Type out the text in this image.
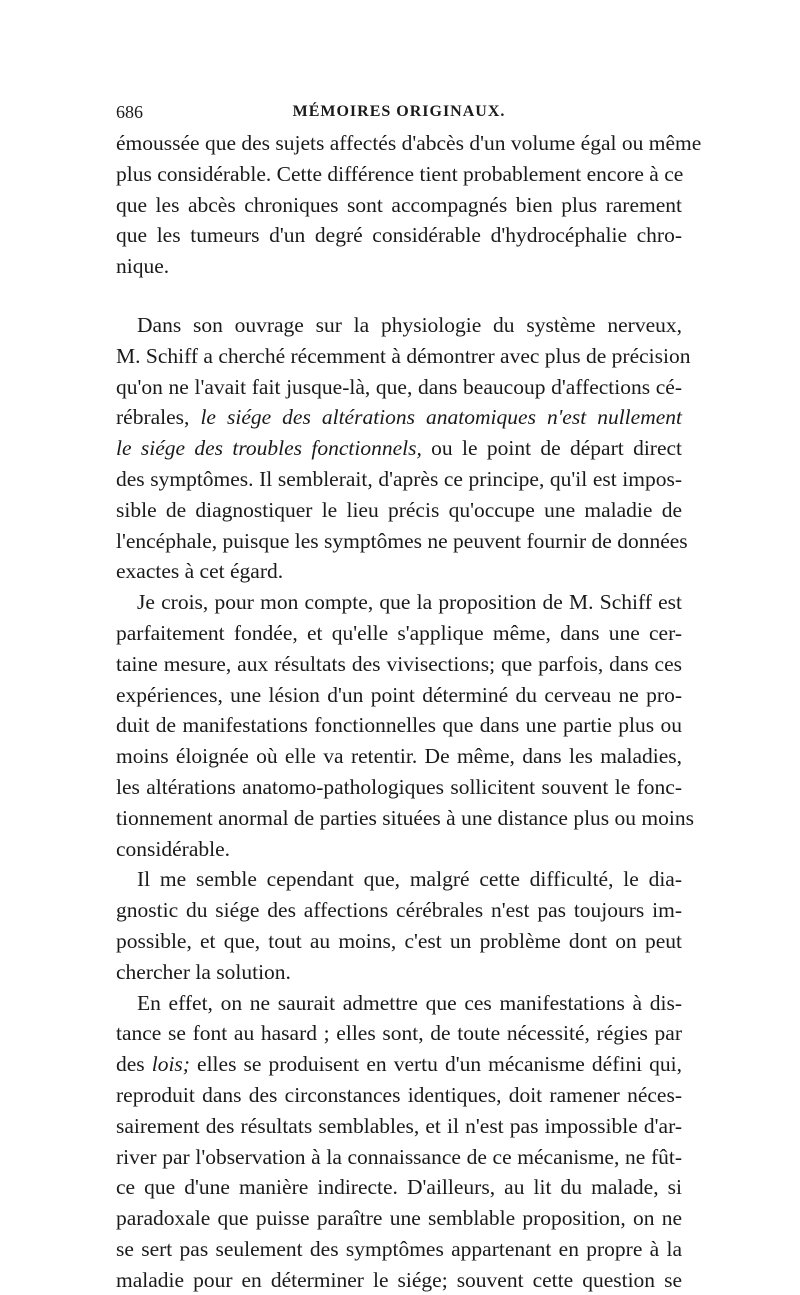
686	MÉMOIRES ORIGINAUX.
émoussée que des sujets affectés d'abcès d'un volume égal ou même
plus considérable. Cette différence tient probablement encore à ce
que les abcès chroniques sont accompagnés bien plus rarement
que les tumeurs d'un degré considérable d'hydrocéphalie chro-
nique.
Dans son ouvrage sur la physiologie du système nerveux,
M. Schiff a cherché récemment à démontrer avec plus de précision
qu'on ne l'avait fait jusque-là, que, dans beaucoup d'affections cé-
rébrales, le siége des altérations anatomiques n'est nullement
le siége des troubles fonctionnels, ou le point de départ direct
des symptômes. Il semblerait, d'après ce principe, qu'il est impos-
sible de diagnostiquer le lieu précis qu'occupe une maladie de
l'encéphale, puisque les symptômes ne peuvent fournir de données
exactes à cet égard.
Je crois, pour mon compte, que la proposition de M. Schiff est
parfaitement fondée, et qu'elle s'applique même, dans une cer-
taine mesure, aux résultats des vivisections; que parfois, dans ces
expériences, une lésion d'un point déterminé du cerveau ne pro-
duit de manifestations fonctionnelles que dans une partie plus ou
moins éloignée où elle va retentir. De même, dans les maladies,
les altérations anatomo-pathologiques sollicitent souvent le fonc-
tionnement anormal de parties situées à une distance plus ou moins
considérable.
Il me semble cependant que, malgré cette difficulté, le dia-
gnostic du siége des affections cérébrales n'est pas toujours im-
possible, et que, tout au moins, c'est un problème dont on peut
chercher la solution.
En effet, on ne saurait admettre que ces manifestations à dis-
tance se font au hasard ; elles sont, de toute nécessité, régies par
des lois; elles se produisent en vertu d'un mécanisme défini qui,
reproduit dans des circonstances identiques, doit ramener néces-
sairement des résultats semblables, et il n'est pas impossible d'ar-
river par l'observation à la connaissance de ce mécanisme, ne fût-
ce que d'une manière indirecte. D'ailleurs, au lit du malade, si
paradoxale que puisse paraître une semblable proposition, on ne
se sert pas seulement des symptômes appartenant en propre à la
maladie pour en déterminer le siége; souvent cette question se
